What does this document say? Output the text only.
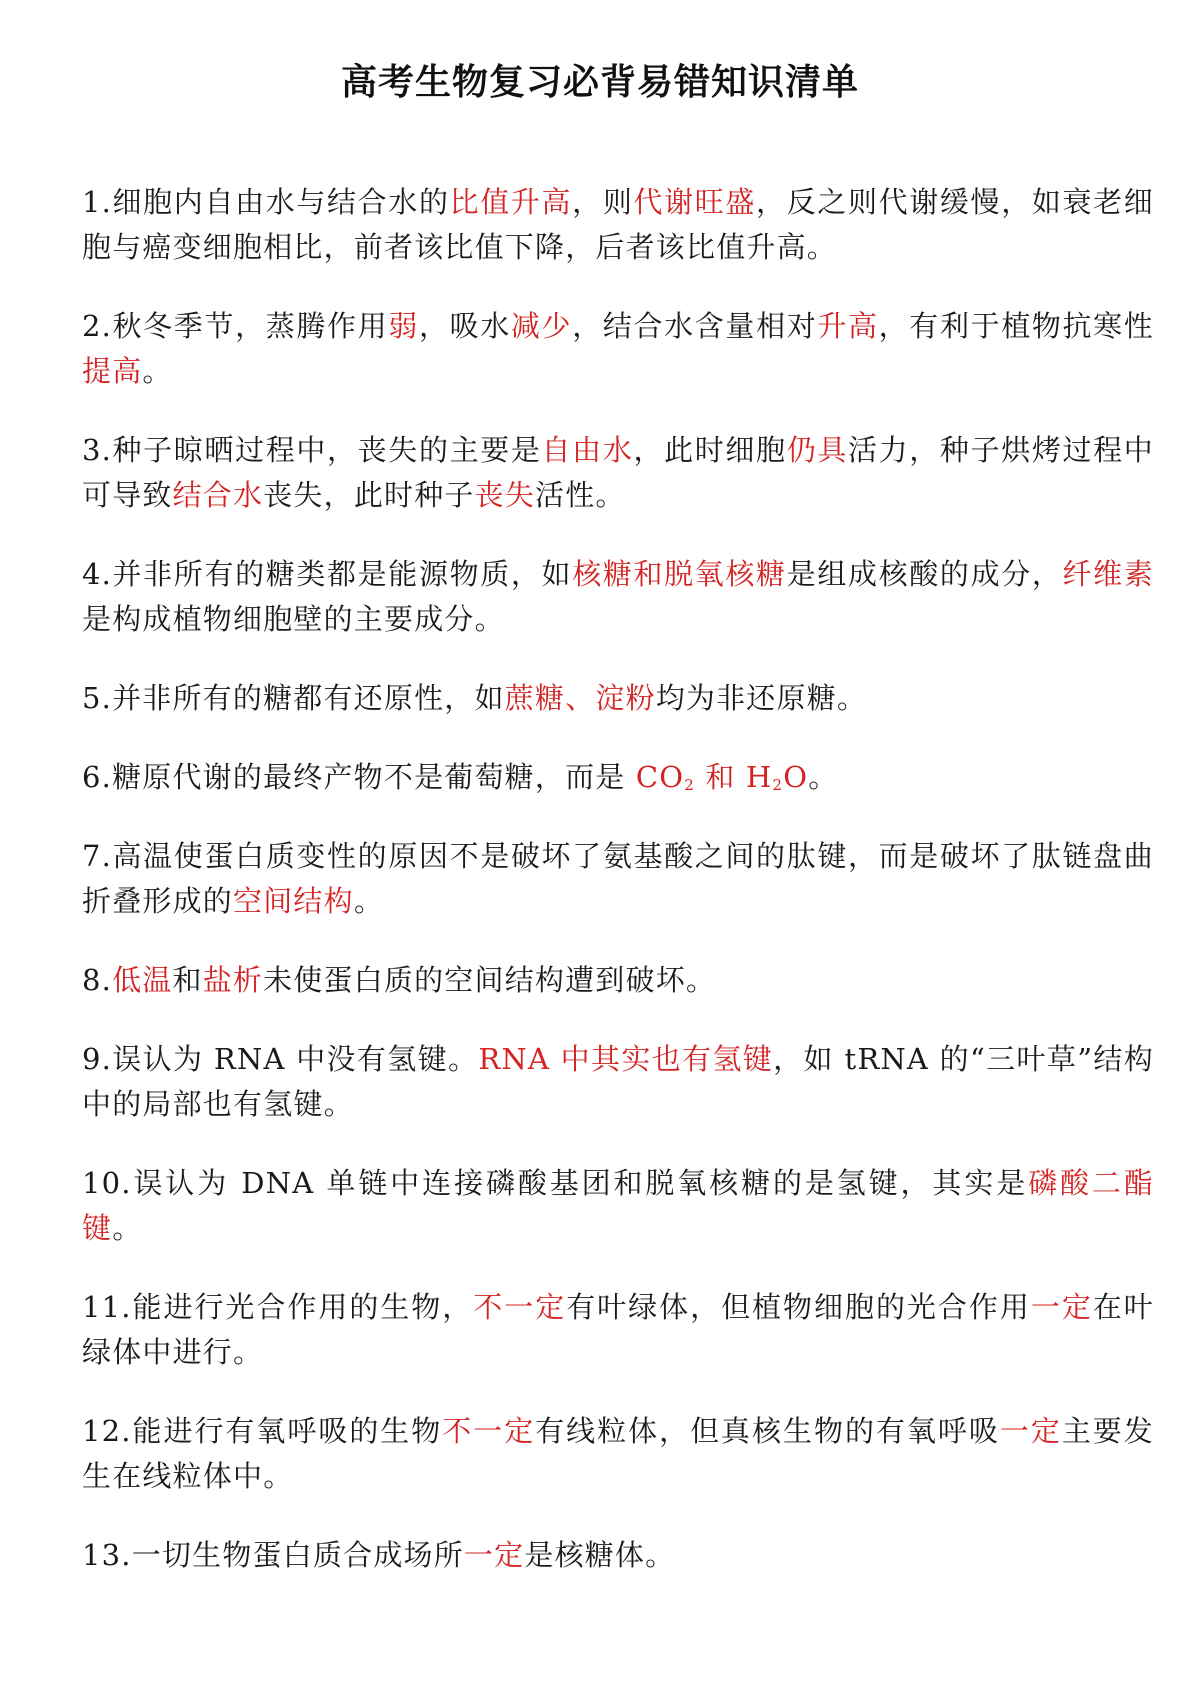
高考生物复习必背易错知识清单

1.细胞内自由水与结合水的比值升高，则代谢旺盛，反之则代谢缓慢，如衰老细胞与癌变细胞相比，前者该比值下降，后者该比值升高。

2.秋冬季节，蒸腾作用弱，吸水减少，结合水含量相对升高，有利于植物抗寒性提高。

3.种子晾晒过程中，丧失的主要是自由水，此时细胞仍具活力，种子烘烤过程中可导致结合水丧失，此时种子丧失活性。

4.并非所有的糖类都是能源物质，如核糖和脱氧核糖是组成核酸的成分，纤维素是构成植物细胞壁的主要成分。

5.并非所有的糖都有还原性，如蔗糖、淀粉均为非还原糖。

6.糖原代谢的最终产物不是葡萄糖，而是 $CO_2$ 和 $H_2O$。

7.高温使蛋白质变性的原因不是破坏了氨基酸之间的肽键，而是破坏了肽链盘曲折叠形成的空间结构。

8.低温和盐析未使蛋白质的空间结构遭到破坏。

9.误认为 RNA 中没有氢键。RNA 中其实也有氢键，如 tRNA 的“三叶草”结构中的局部也有氢键。

10.误认为 DNA 单链中连接磷酸基团和脱氧核糖的是氢键，其实是磷酸二酯键。

11.能进行光合作用的生物，不一定有叶绿体，但植物细胞的光合作用一定在叶绿体中进行。

12.能进行有氧呼吸的生物不一定有线粒体，但真核生物的有氧呼吸一定主要发生在线粒体中。

13.一切生物蛋白质合成场所一定是核糖体。
